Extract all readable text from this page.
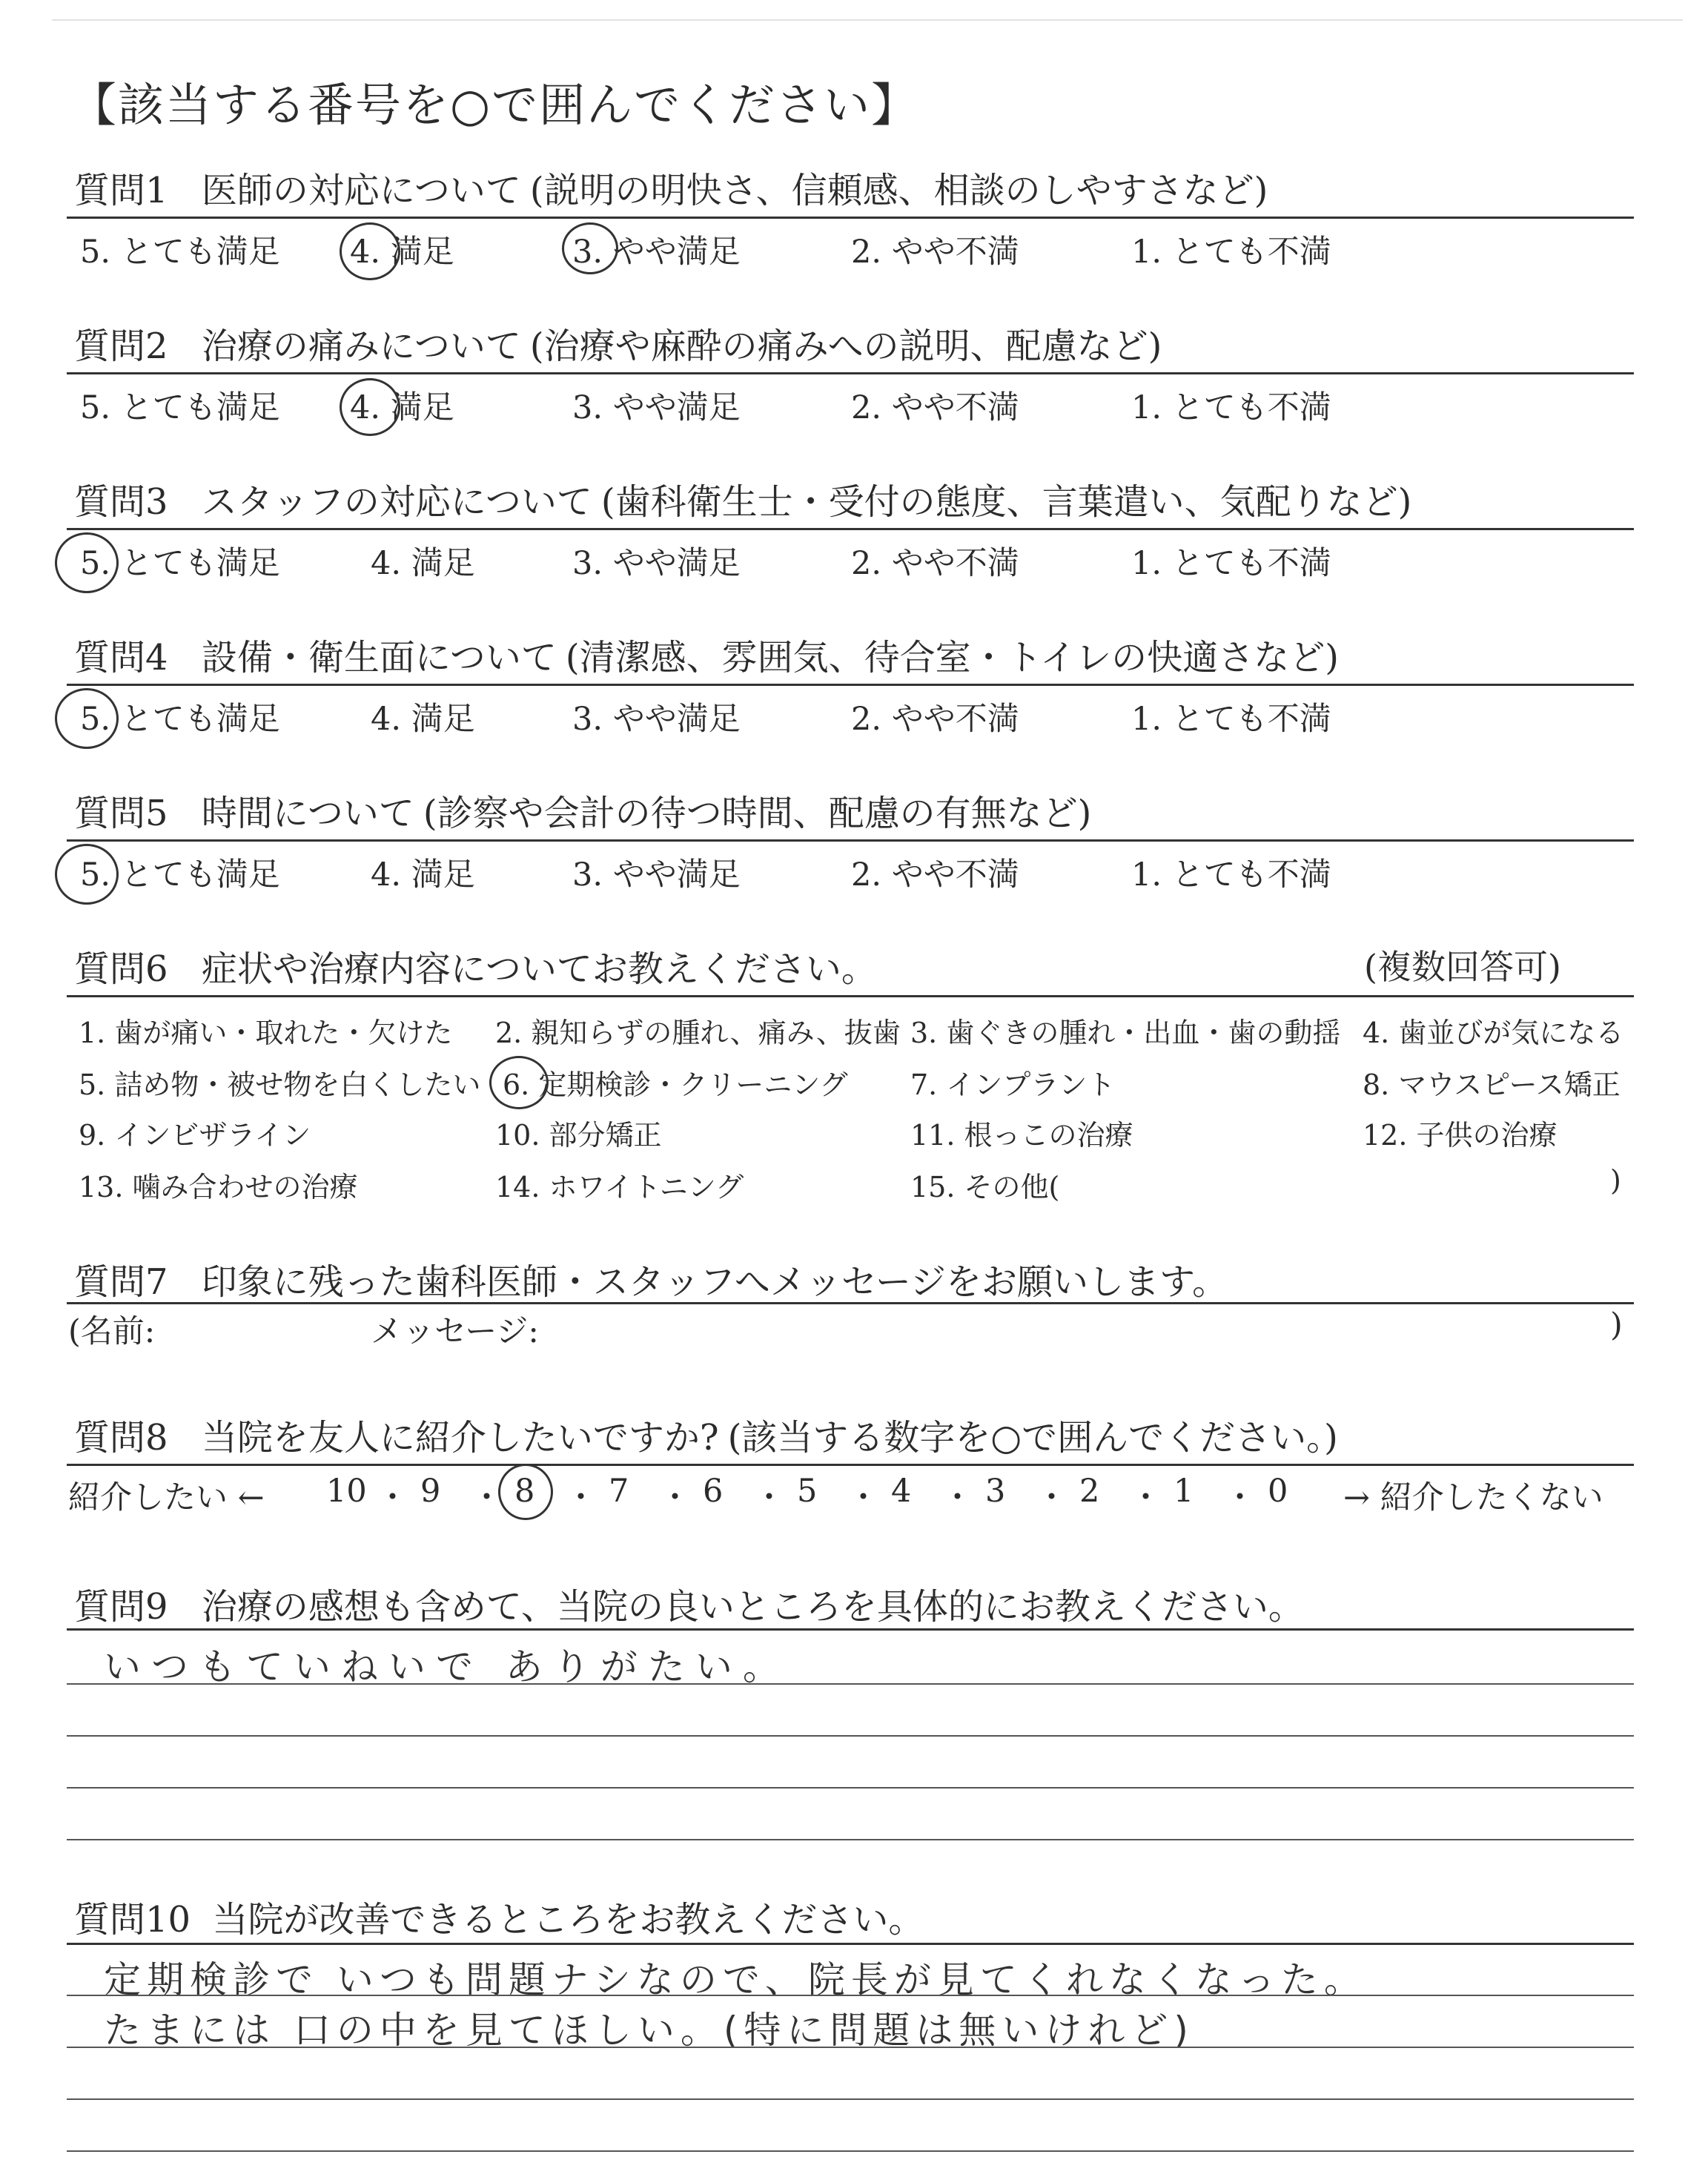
【該当する番号を○で囲んでください】
質問1 医師の対応について (説明の明快さ、信頼感、相談のしやすさなど)
5. とても満足 4. 満足	3. やや満足	2. やや不満	1. とても不満
質問2 治療の痛みについて (治療や麻酔の痛みへの説明、配慮など)
5. とても満足 4. 満足	3. やや満足	2. やや不満	1. とても不満
質問3 スタッフの対応について (歯科衛生士・受付の態度、言葉遣い、気配りなど)
5. とても満足	4. 満足	3. やや満足	2. やや不満	1. とても不満
質問4 設備・衛生面について (清潔感、雰囲気、待合室・トイレの快適さなど)
5. とても満足	4. 満足	3. やや満足	2. やや不満	1. とても不満
質問5 時間について (診察や会計の待つ時間、配慮の有無など)
5. とても満足	4. 満足	3. やや満足	2. やや不満	1. とても不満
質問6 症状や治療内容についてお教えください。	(複数回答可)
1. 歯が痛い・取れた・欠けた 2. 親知らずの腫れ、痛み、抜歯 3. 歯ぐきの腫れ・出血・歯の動揺 4. 歯並びが気になる
5. 詰め物・被せ物を白くしたい 6. 定期検診・クリーニング 7. インプラント	8. マウスピース矯正
9. インビザライン	10. 部分矯正	11. 根っこの治療	12. 子供の治療
13. 噛み合わせの治療	14. ホワイトニング	15. その他(	)
質問7 印象に残った歯科医師・スタッフへメッセージをお願いします。
(名前:	メッセージ:	)
質問8 当院を友人に紹介したいですか? (該当する数字を○で囲んでください。)
紹介したい ←	→ 紹介したくない
10 ・ 9 ・ 8 ・ 7 ・ 6 ・ 5 ・ 4 ・ 3 ・ 2 ・ 1 ・ 0
質問9 治療の感想も含めて、当院の良いところを具体的にお教えください。
いつもていねいで ありがたい。
質問10 当院が改善できるところをお教えください。
定期検診で いつも問題ナシなので、院長が見てくれなくなった。
たまには 口の中を見てほしい。(特に問題は無いけれど)
